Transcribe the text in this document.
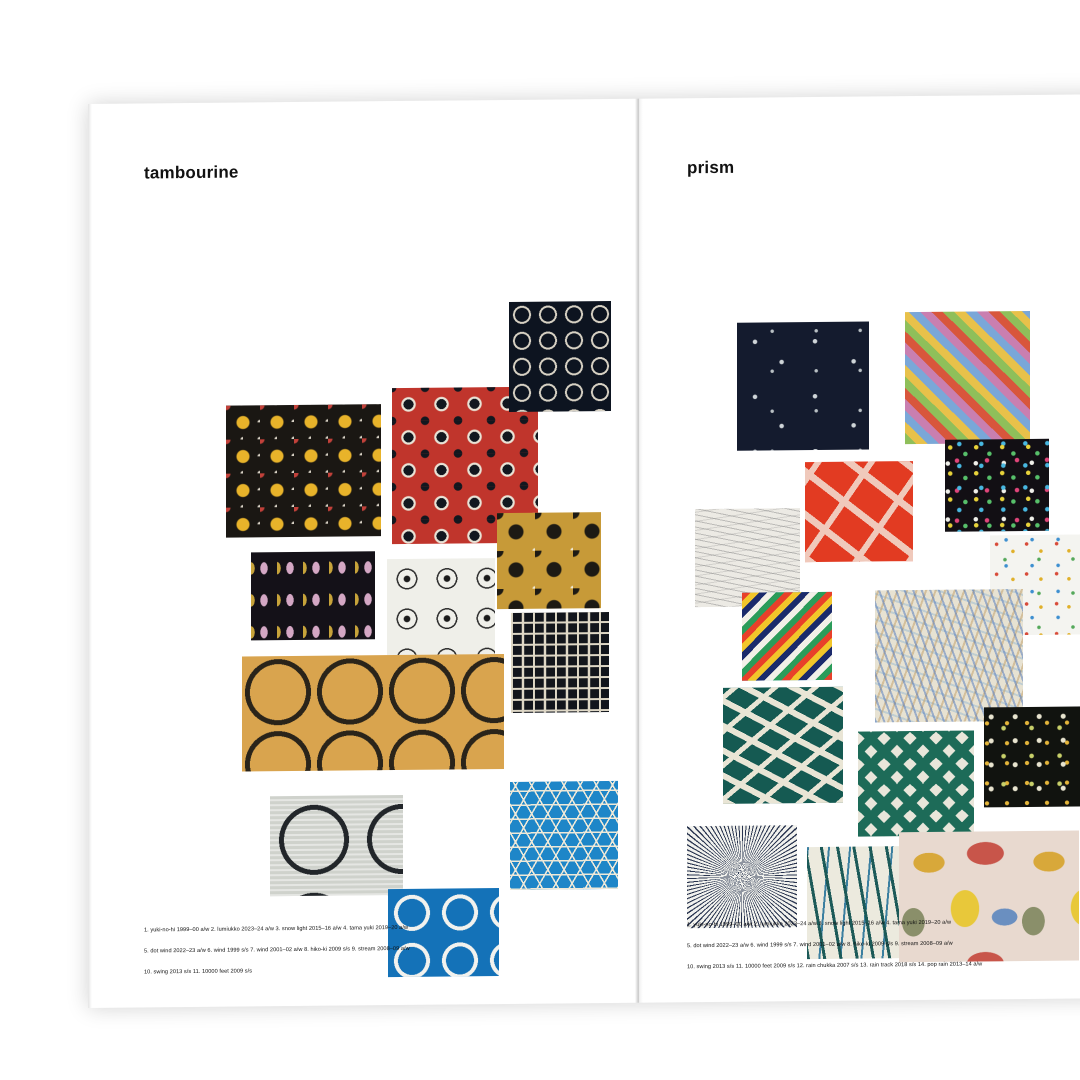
tambourine

1. yuki-no-hi 1999–00 a/w 2. lumiukko 2023–24 a/w 3. snow light 2015–16 a/w 4. tama yuki 2019–20 a/w

5. dot wind 2022–23 a/w 6. wind 1999 s/s 7. wind 2001–02 a/w 8. hiko-ki 2009 s/s 9. stream 2008–09 a/w

10. swing 2013 s/s 11. 10000 feet 2009 s/s

prism

1. yuki-no-hi 1999–00 a/w 2. lumiukko 2023–24 a/w 3. snow light 2015–16 a/w 4. tama yuki 2019–20 a/w

5. dot wind 2022–23 a/w 6. wind 1999 s/s 7. wind 2001–02 a/w 8. hiko-ki 2009 s/s 9. stream 2008–09 a/w

10. swing 2013 s/s 11. 10000 feet 2009 s/s 12. rain chukka 2007 s/s 13. rain track 2018 s/s 14. pop rain 2013–14 a/w
